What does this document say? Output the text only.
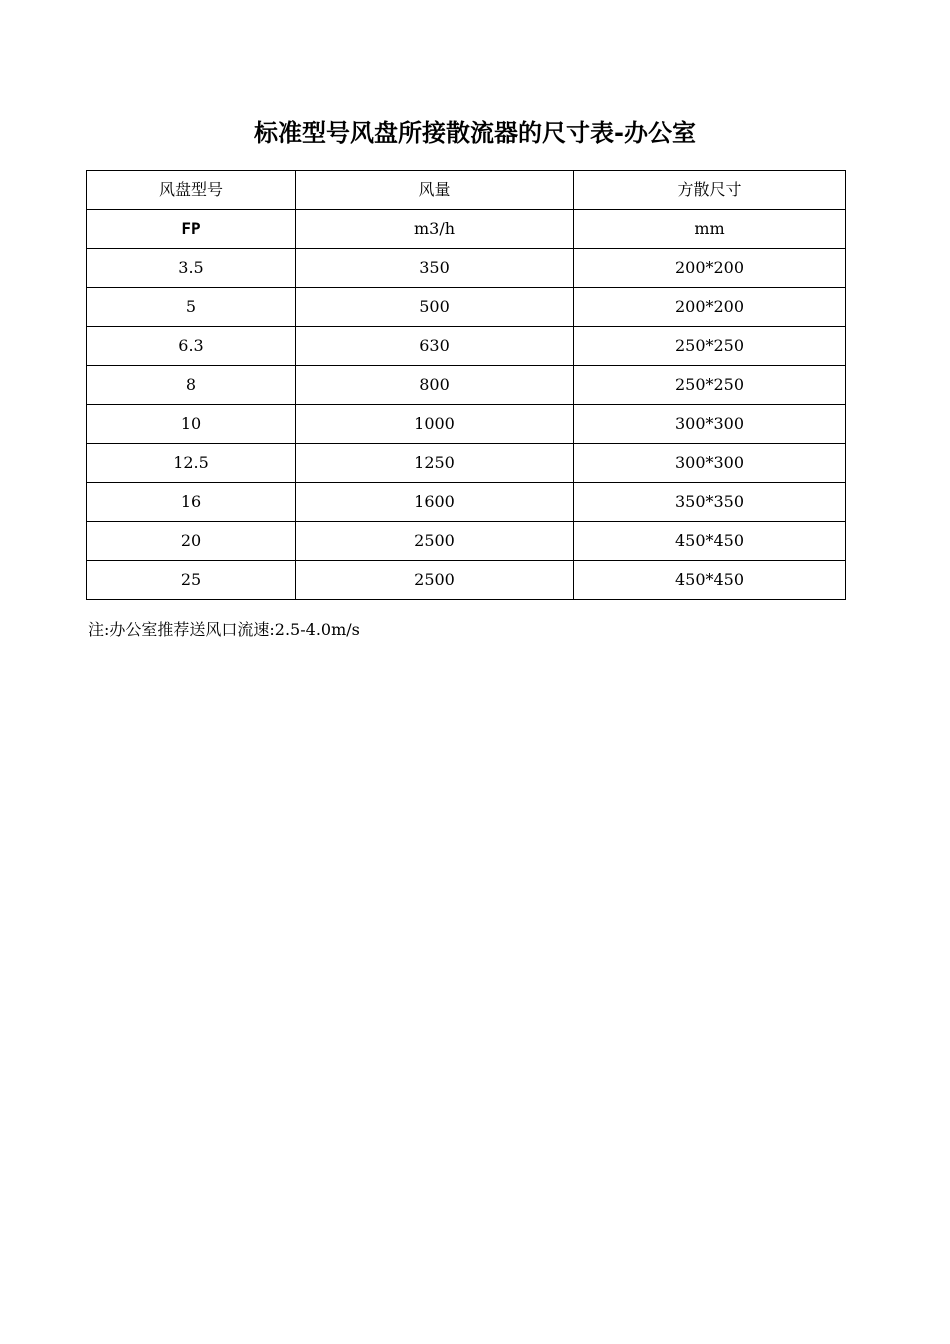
标准型号风盘所接散流器的尺寸表-办公室
风盘型号	风量	方散尺寸
FP	m3/h	mm
3.5	350	200*200
5	500	200*200
6.3	630	250*250
8	800	250*250
10	1000	300*300
12.5	1250	300*300
16	1600	350*350
20	2500	450*450
25	2500	450*450
注:办公室推荐送风口流速:2.5-4.0m/s
